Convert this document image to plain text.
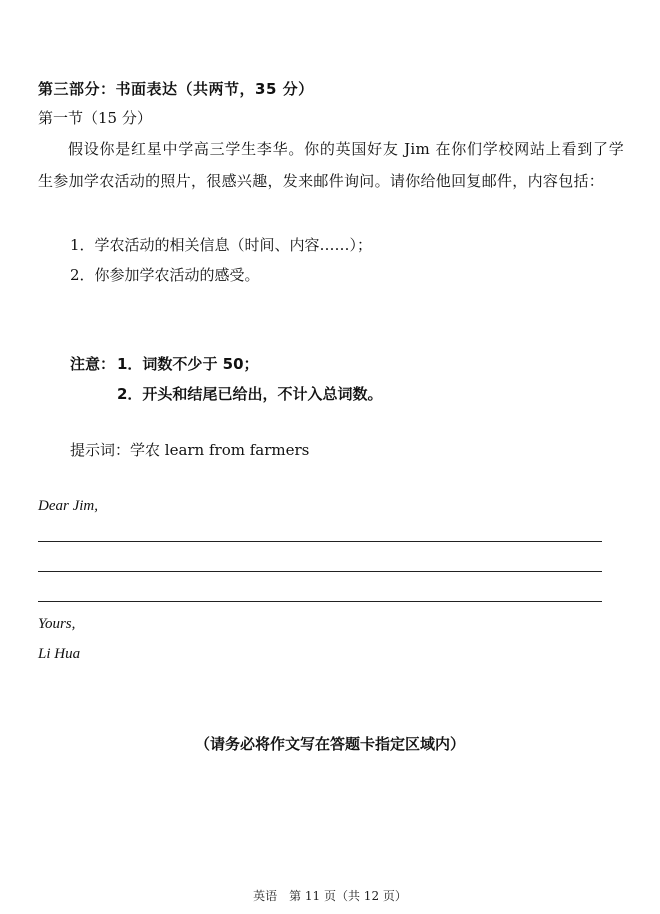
第三部分：书面表达（共两节，35 分）
第一节（15 分）
假设你是红星中学高三学生李华。你的英国好友 Jim 在你们学校网站上看到了学生参加学农活动的照片，很感兴趣，发来邮件询问。请你给他回复邮件，内容包括：
1．学农活动的相关信息（时间、内容……）；
2．你参加学农活动的感受。
注意： 1．词数不少于 50；
2．开头和结尾已给出，不计入总词数。
提示词：学农 learn from farmers
Dear Jim,
Yours,
Li Hua
（请务必将作文写在答题卡指定区域内）
英语　第 11 页（共 12 页）
